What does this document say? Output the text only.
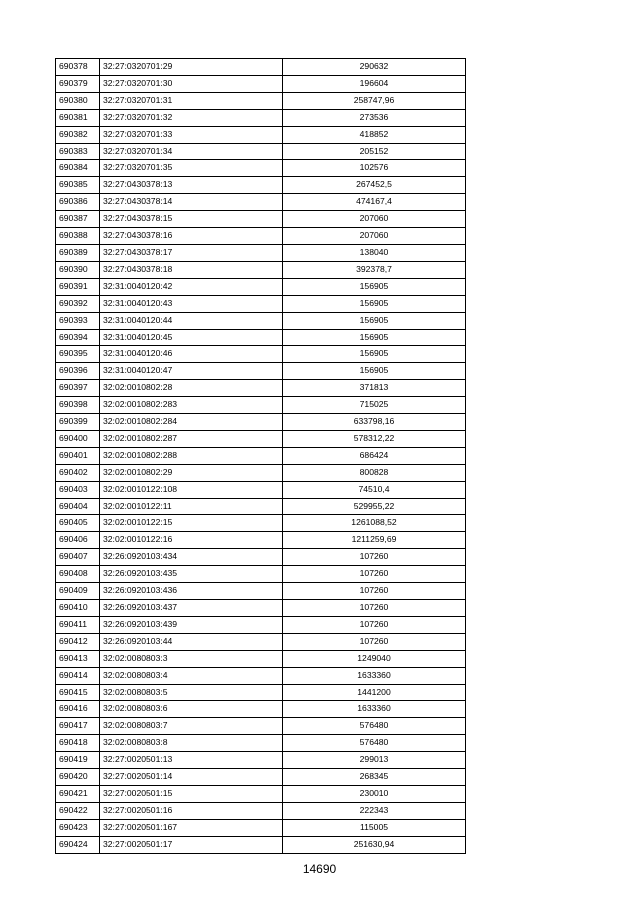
690378	32:27:0320701:29	290632
690379	32:27:0320701:30	196604
690380	32:27:0320701:31	258747,96
690381	32:27:0320701:32	273536
690382	32:27:0320701:33	418852
690383	32:27:0320701:34	205152
690384	32:27:0320701:35	102576
690385	32:27:0430378:13	267452,5
690386	32:27:0430378:14	474167,4
690387	32:27:0430378:15	207060
690388	32:27:0430378:16	207060
690389	32:27:0430378:17	138040
690390	32:27:0430378:18	392378,7
690391	32:31:0040120:42	156905
690392	32:31:0040120:43	156905
690393	32:31:0040120:44	156905
690394	32:31:0040120:45	156905
690395	32:31:0040120:46	156905
690396	32:31:0040120:47	156905
690397	32:02:0010802:28	371813
690398	32:02:0010802:283	715025
690399	32:02:0010802:284	633798,16
690400	32:02:0010802:287	578312,22
690401	32:02:0010802:288	686424
690402	32:02:0010802:29	800828
690403	32:02:0010122:108	74510,4
690404	32:02:0010122:11	529955,22
690405	32:02:0010122:15	1261088,52
690406	32:02:0010122:16	1211259,69
690407	32:26:0920103:434	107260
690408	32:26:0920103:435	107260
690409	32:26:0920103:436	107260
690410	32:26:0920103:437	107260
690411	32:26:0920103:439	107260
690412	32:26:0920103:44	107260
690413	32:02:0080803:3	1249040
690414	32:02:0080803:4	1633360
690415	32:02:0080803:5	1441200
690416	32:02:0080803:6	1633360
690417	32:02:0080803:7	576480
690418	32:02:0080803:8	576480
690419	32:27:0020501:13	299013
690420	32:27:0020501:14	268345
690421	32:27:0020501:15	230010
690422	32:27:0020501:16	222343
690423	32:27:0020501:167	115005
690424	32:27:0020501:17	251630,94
14690
